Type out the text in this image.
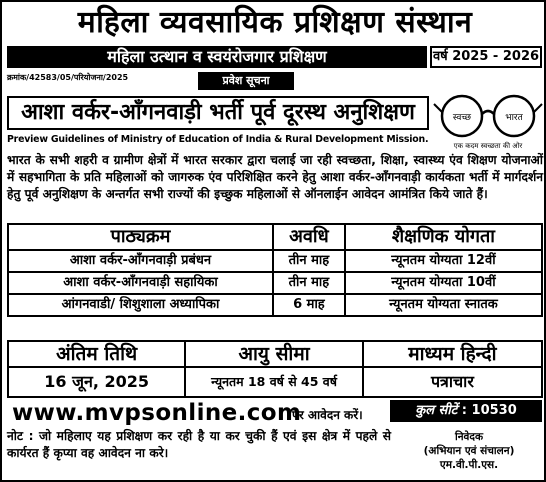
महिला व्यवसायिक प्रशिक्षण संस्थान
महिला उत्थान व स्वयंरोजगार प्रशिक्षण	वर्ष 2025 - 2026
क्रमांक/42583/05/परियोजना/2025	प्रवेश सूचना
आशा वर्कर-आँगनवाड़ी भर्ती पूर्व दूरस्थ अनुशिक्षण	स्वच्छ	भारत
एक कदम स्वच्छता की ओर
Preview Guidelines of Ministry of Education of India & Rural Development Mission.
भारत के सभी शहरी व ग्रामीण क्षेत्रों में भारत सरकार द्वारा चलाई जा रही स्वच्छता, शिक्षा, स्वास्थ्य एंव शिक्षण योजनाओं में सहभागिता के प्रति महिलाओं को जागरुक एंव परिशिक्षित करने हेतु आशा वर्कर-आँगनवाड़ी कार्यकता भर्ती में मार्गदर्शन हेतु पूर्व अनुशिक्षण के अन्तर्गत सभी राज्यों की इच्छुक महिलाओं से ऑनलाईन आवेदन आमंत्रित किये जाते हैं।
पाठ्यक्रम	अवधि	शैक्षणिक योगता
आशा वर्कर-आँगनवाड़ी प्रबंधन	तीन माह	न्यूनतम योग्यता 12वीं
आशा वर्कर-आँगनवाड़ी सहायिका	तीन माह	न्यूनतम योग्यता 10वीं
आंगनवाडी/ शिशुशाला अध्यापिका	6 माह	न्यूनतम योग्यता स्नातक
अंतिम तिथि	आयु सीमा	माध्यम हिन्दी
16 जून, 2025	न्यूनतम 18 वर्ष से 45 वर्ष	पत्राचार
www.mvpsonline.com
पर आवेदन करें।	कुल सीटें : 10530
नोट : जो महिलाए यह प्रशिक्षण कर रही है या कर चुकी हैं एवं इस क्षेत्र में पहले से कार्यरत हैं कृप्या वह आवेदन ना करे।
निवेदक
(अभियान एवं संचालन)
एम.वी.पी.एस.
